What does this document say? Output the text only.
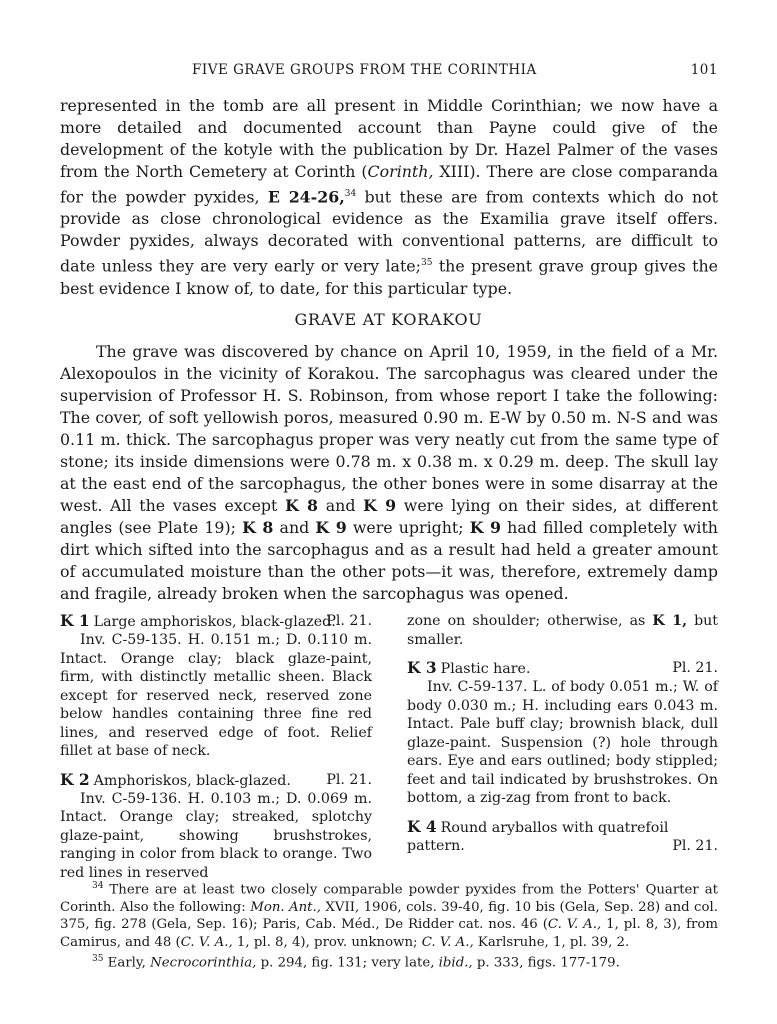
FIVE GRAVE GROUPS FROM THE CORINTHIA	101

represented in the tomb are all present in Middle Corinthian; we now have a more detailed and documented account than Payne could give of the development of the kotyle with the publication by Dr. Hazel Palmer of the vases from the North Cemetery at Corinth (Corinth, XIII). There are close comparanda for the powder pyxides, E 24-26,34 but these are from contexts which do not provide as close chronological evidence as the Examilia grave itself offers. Powder pyxides, always decorated with conventional patterns, are difficult to date unless they are very early or very late;$^{35}$ the present grave group gives the best evidence I know of, to date, for this particular type.

GRAVE AT KORAKOU

The grave was discovered by chance on April 10, 1959, in the field of a Mr. Alexopoulos in the vicinity of Korakou. The sarcophagus was cleared under the supervision of Professor H. S. Robinson, from whose report I take the following: The cover, of soft yellowish poros, measured 0.90 m. E-W by 0.50 m. N-S and was 0.11 m. thick. The sarcophagus proper was very neatly cut from the same type of stone; its inside dimensions were 0.78 m. x 0.38 m. x 0.29 m. deep. The skull lay at the east end of the sarcophagus, the other bones were in some disarray at the west. All the vases except K 8 and K 9 were lying on their sides, at different angles (see Plate 19); K 8 and K 9 were upright; K 9 had filled completely with dirt which sifted into the sarcophagus and as a result had held a greater amount of accumulated moisture than the other pots—it was, therefore, extremely damp and fragile, already broken when the sarcophagus was opened.

K 1 Large amphoriskos, black-glazed.
Pl. 21.

Inv. C-59-135. H. 0.151 m.; D. 0.110 m. Intact. Orange clay; black glaze-paint, firm, with distinctly metallic sheen. Black except for reserved neck, reserved zone below handles containing three fine red lines, and reserved edge of foot. Relief fillet at base of neck.

K 2 Amphoriskos, black-glazed. Pl. 21.

Inv. C-59-136. H. 0.103 m.; D. 0.069 m. Intact. Orange clay; streaked, splotchy glaze-paint, showing brushstrokes, ranging in color from black to orange. Two red lines in reserved

zone on shoulder; otherwise, as K 1, but smaller.

K 3 Plastic hare.	Pl. 21.

Inv. C-59-137. L. of body 0.051 m.; W. of body 0.030 m.; H. including ears 0.043 m. Intact. Pale buff clay; brownish black, dull glaze-paint. Suspension (?) hole through ears. Eye and ears outlined; body stippled; feet and tail indicated by brushstrokes. On bottom, a zig-zag from front to back.

K 4 Round aryballos with quatrefoil pattern.	Pl. 21.

$^{34}$ There are at least two closely comparable powder pyxides from the Potters' Quarter at Corinth. Also the following: Mon. Ant., XVII, 1906, cols. 39-40, fig. 10 bis (Gela, Sep. 28) and col. 375, fig. 278 (Gela, Sep. 16); Paris, Cab. Méd., De Ridder cat. nos. 46 (C. V. A., 1, pl. 8, 3), from Camirus, and 48 (C. V. A., 1, pl. 8, 4), prov. unknown; C. V. A., Karlsruhe, 1, pl. 39, 2.

$^{35}$ Early, Necrocorinthia, p. 294, fig. 131; very late, ibid., p. 333, figs. 177-179.
